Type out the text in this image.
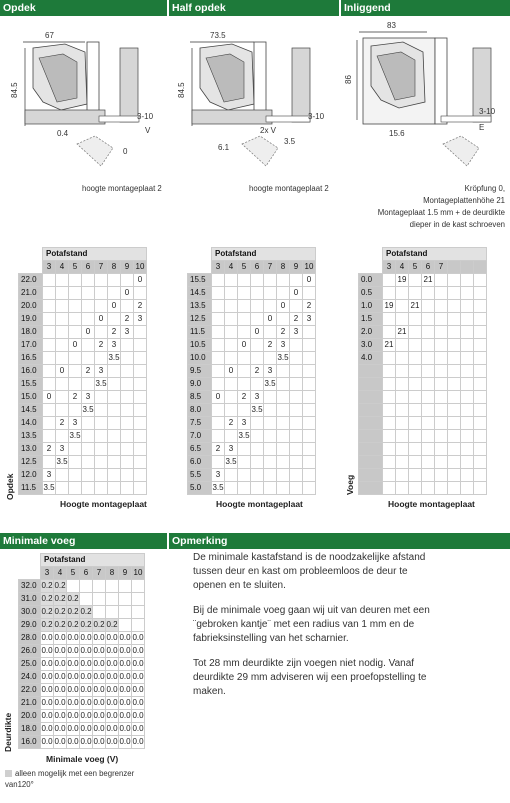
Opdek	Half opdek	Inliggend
67
84.5
3-10
V
0.4
0
hoogte montageplaat 2
73.5
84.5
3-10
2x V
6.1
3.5
hoogte montageplaat 2
83
86
3-10
E
15.6
Kröpfung 0,
Montageplattenhöhe 21
Montageplaat 1.5 mm + de deurdikte
dieper in de kast schroeven
	Potafstand							
	3	4	5	6	7	8	9	10
22.0								0
21.0							0	
20.0						0		2
19.0					0		2	3
18.0				0		2	3	
17.0			0		2	3		
16.5						3.5		
16.0		0		2	3			
15.5					3.5			
15.0	0		2	3				
14.5				3.5				
14.0		2	3					
13.5			3.5					
13.0	2	3						
12.5		3.5						
12.0	3							
11.5	3.5							
Opdek
Hoogte montageplaat
	Potafstand							
	3	4	5	6	7	8	9	10
15.5								0
14.5							0	
13.5						0		2
12.5					0		2	3
11.5				0		2	3	
10.5			0		2	3		
10.0						3.5		
9.5		0		2	3			
9.0					3.5			
8.5	0		2	3				
8.0				3.5				
7.5		2	3					
7.0			3.5					
6.5	2	3						
6.0		3.5						
5.5	3							
5.0	3.5							
Hoogte montageplaat
	Potafstand							
	3	4	5	6	7			
0.0		19		21				
0.5								
1.0	19		21					
1.5								
2.0		21						
3.0	21							
4.0								

Voeg
Hoogte montageplaat
Minimale voeg	Opmerking
	Potafstand							
	3	4	5	6	7	8	9	10
32.0	0.2	0.2						
31.0	0.2	0.2	0.2					
30.0	0.2	0.2	0.2	0.2				
29.0	0.2	0.2	0.2	0.2	0.2	0.2		
28.0	0.0	0.0	0.0	0.0	0.0	0.0	0.0	0.0
26.0	0.0	0.0	0.0	0.0	0.0	0.0	0.0	0.0
25.0	0.0	0.0	0.0	0.0	0.0	0.0	0.0	0.0
24.0	0.0	0.0	0.0	0.0	0.0	0.0	0.0	0.0
22.0	0.0	0.0	0.0	0.0	0.0	0.0	0.0	0.0
21.0	0.0	0.0	0.0	0.0	0.0	0.0	0.0	0.0
20.0	0.0	0.0	0.0	0.0	0.0	0.0	0.0	0.0
18.0	0.0	0.0	0.0	0.0	0.0	0.0	0.0	0.0
16.0	0.0	0.0	0.0	0.0	0.0	0.0	0.0	0.0
Deurdikte
Minimale voeg (V)
alleen mogelijk met een begrenzer van120°

De minimale kastafstand is de noodzakelijke afstand tussen deur en kast om probleemloos de deur te openen en te sluiten.

Bij de minimale voeg gaan wij uit van deuren met een ¨gebroken kantje¨ met een radius van 1 mm en de fabrieksinstelling van het scharnier.

Tot 28 mm deurdikte zijn voegen niet nodig. Vanaf deurdikte 29 mm adviseren wij een proefopstelling te maken.
